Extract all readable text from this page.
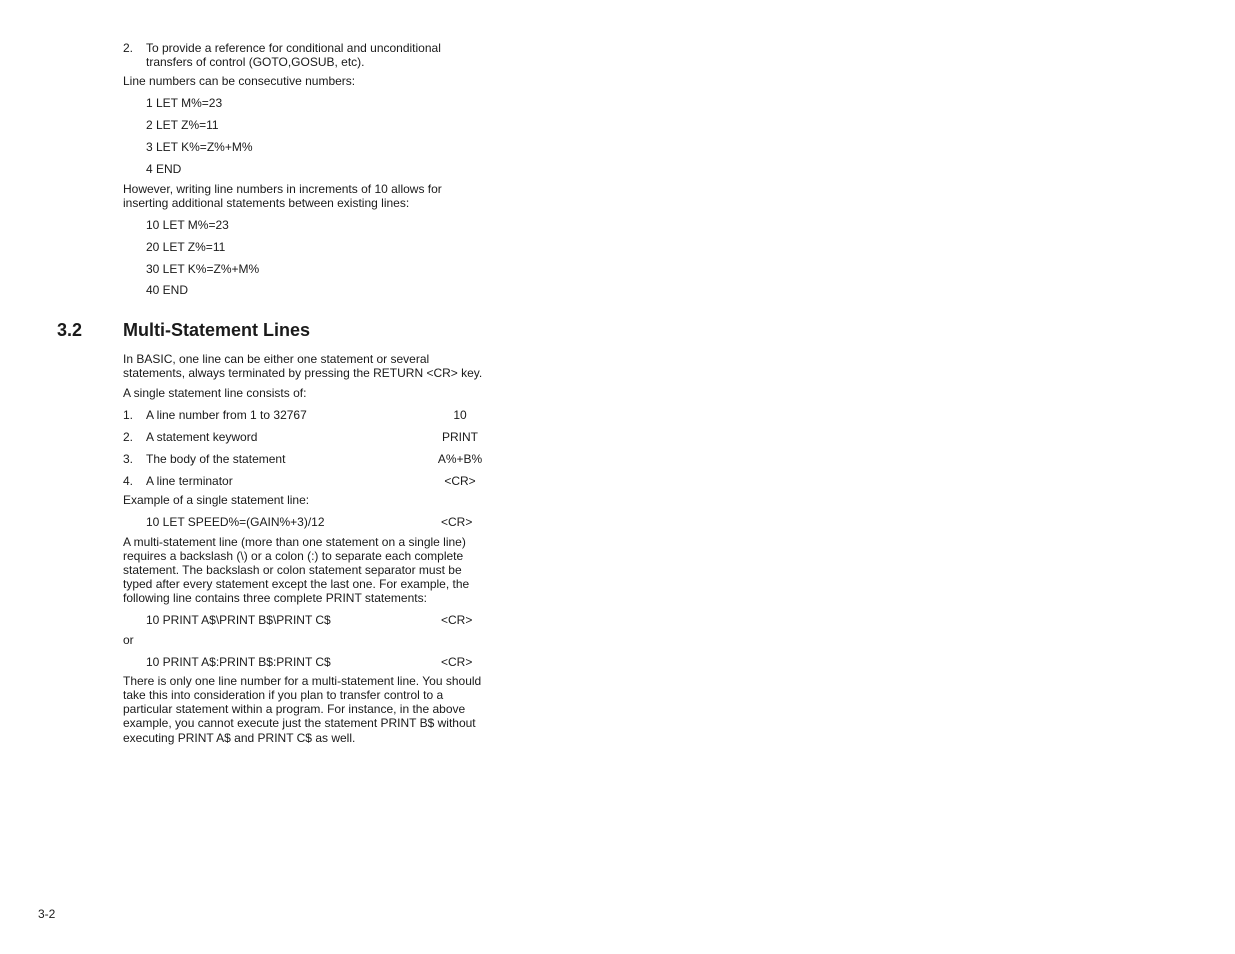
2. To provide a reference for conditional and unconditional
transfers of control (GOTO,GOSUB, etc).
Line numbers can be consecutive numbers:
1 LET M%=23
2 LET Z%=11
3 LET K%=Z%+M%
4 END
However, writing line numbers in increments of 10 allows for
inserting additional statements between existing lines:
10 LET M%=23
20 LET Z%=11
30 LET K%=Z%+M%
40 END
3.2 Multi-Statement Lines
In BASIC, one line can be either one statement or several
statements, always terminated by pressing the RETURN <CR> key.
A single statement line consists of:
1. A line number from 1 to 32767	10
2. A statement keyword	PRINT
3. The body of the statement	A%+B%
4. A line terminator	<CR>
Example of a single statement line:
10 LET SPEED%=(GAIN%+3)/12	<CR>
A multi-statement line (more than one statement on a single line)
requires a backslash (\) or a colon (:) to separate each complete
statement. The backslash or colon statement separator must be
typed after every statement except the last one. For example, the
following line contains three complete PRINT statements:
10 PRINT A$\PRINT B$\PRINT C$	<CR>
or
10 PRINT A$:PRINT B$:PRINT C$	<CR>
There is only one line number for a multi-statement line. You should
take this into consideration if you plan to transfer control to a
particular statement within a program. For instance, in the above
example, you cannot execute just the statement PRINT B$ without
executing PRINT A$ and PRINT C$ as well.
3-2
